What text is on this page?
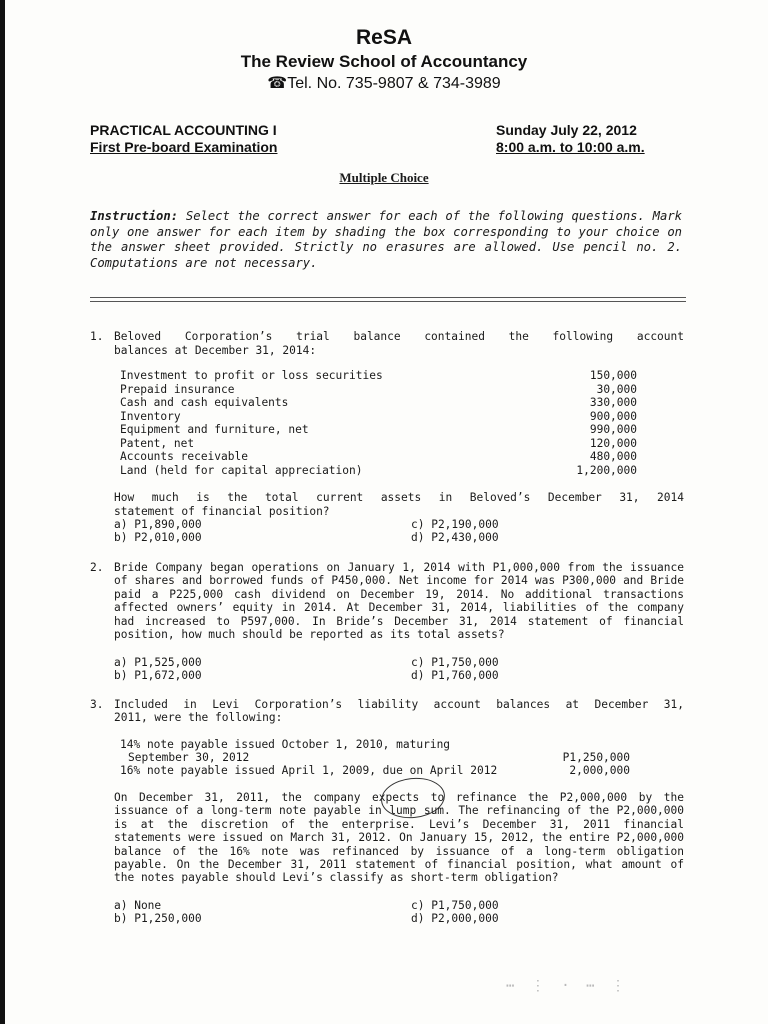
ReSA
The Review School of Accountancy
☎Tel. No. 735-9807 & 734-3989
PRACTICAL ACCOUNTING I	Sunday July 22, 2012
First Pre-board Examination	8:00 a.m. to 10:00 a.m.
Multiple Choice
Instruction: Select the correct answer for each of the following questions. Mark only one answer for each item by shading the box corresponding to your choice on the answer sheet provided. Strictly no erasures are allowed. Use pencil no. 2. Computations are not necessary.
1. Beloved Corporation’s trial balance contained the following account
balances at December 31, 2014:
Investment to profit or loss securities	150,000
Prepaid insurance	30,000
Cash and cash equivalents	330,000
Inventory	900,000
Equipment and furniture, net	990,000
Patent, net	120,000
Accounts receivable	480,000
Land (held for capital appreciation)	1,200,000
How much is the total current assets in Beloved’s December 31, 2014
statement of financial position?
a) P1,890,000	c) P2,190,000
b) P2,010,000	d) P2,430,000
2. Bride Company began operations on January 1, 2014 with P1,000,000 from the issuance of shares and borrowed funds of P450,000. Net income for 2014 was P300,000 and Bride paid a P225,000 cash dividend on December 19, 2014. No additional transactions affected owners’ equity in 2014. At December 31, 2014, liabilities of the company had increased to P597,000. In Bride’s December 31, 2014 statement of financial position, how much should be reported as its total assets?
a) P1,525,000	c) P1,750,000
b) P1,672,000	d) P1,760,000
3. Included in Levi Corporation’s liability account balances at December 31,
2011, were the following:
14% note payable issued October 1, 2010, maturing
September 30, 2012	P1,250,000
16% note payable issued April 1, 2009, due on April 2012	2,000,000
On December 31, 2011, the company expects to refinance the P2,000,000 by the issuance of a long-term note payable in lump sum. The refinancing of the P2,000,000 is at the discretion of the enterprise. Levi’s December 31, 2011 financial statements were issued on March 31, 2012. On January 15, 2012, the entire P2,000,000 balance of the 16% note was refinanced by issuance of a long-term obligation payable. On the December 31, 2011 statement of financial position, what amount of the notes payable should Levi’s classify as short-term obligation?
a) None	c) P1,750,000
b) P1,250,000	d) P2,000,000
⋯ ⋮ · ⋯ ⋮
